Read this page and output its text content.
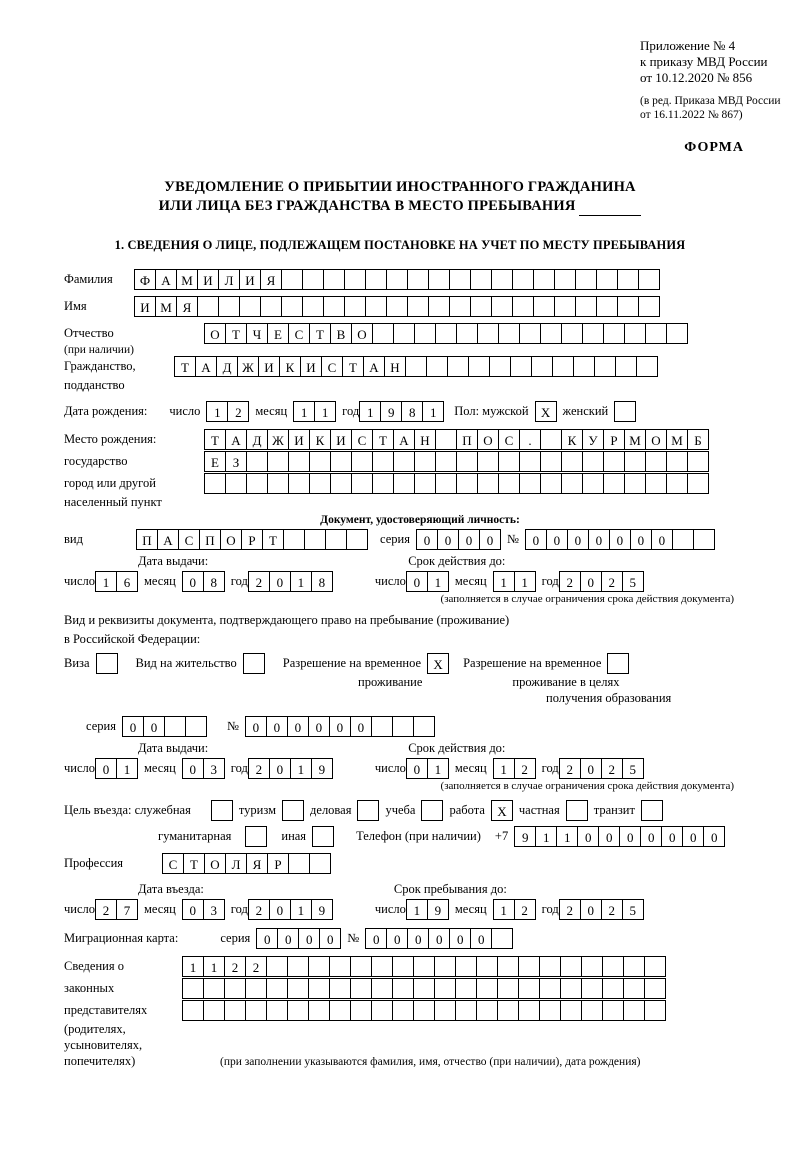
Приложение № 4
к приказу МВД России
от 10.12.2020 № 856
(в ред. Приказа МВД России
от 16.11.2022 № 867)
ФОРМА
УВЕДОМЛЕНИЕ О ПРИБЫТИИ ИНОСТРАННОГО ГРАЖДАНИНА
ИЛИ ЛИЦА БЕЗ ГРАЖДАНСТВА В МЕСТО ПРЕБЫВАНИЯ
1. СВЕДЕНИЯ О ЛИЦЕ, ПОДЛЕЖАЩЕМ ПОСТАНОВКЕ НА УЧЕТ ПО МЕСТУ ПРЕБЫВАНИЯ
Фамилия	Ф А М И Л И Я
Имя	И М Я
Отчество	О Т Ч Е С Т В О
(при наличии)
Гражданство,	Т А Д Ж И К И С Т А Н
подданство
Дата рождения: число	1	2	месяц	1	1	год 1	9	8	1	Пол: мужской X женский
Место рождения:	Т А Д Ж И К И С Т А Н	П О С	.	К У Р М О М Б
государство	Е	З
город или другой
населенный пункт
Документ, удостоверяющий личность:
вид	П А С П О Р	Т	серия	0	0	0	0	№	0	0	0	0	0	0	0
Дата выдачи:	Срок действия до:
число 1	6	месяц	0	8	год 2	0	1	8	число 0	1	месяц	1	1	год 2	0	2	5
(заполняется в случае ограничения срока действия документа)
Вид и реквизиты документа, подтверждающего право на пребывание (проживание)
в Российской Федерации:
Виза	Вид на жительство	Разрешение на временное X	Разрешение на временное
проживание	проживание в целях
получения образования
серия	0	0	№	0	0	0	0	0	0
Дата выдачи:	Срок действия до:
число 0	1	месяц	0	3	год 2	0	1	9	число 0	1	месяц	1	2	год 2	0	2	5
(заполняется в случае ограничения срока действия документа)
Цель въезда: служебная	туризм	деловая	учеба	работа X частная	транзит
гуманитарная	иная	Телефон (при наличии) +7	9	1	1	0	0	0	0	0	0	0
Профессия	С Т О Л Я	Р
Дата въезда:	Срок пребывания до:
число 2	7	месяц	0	3	год 2	0	1	9	число 1	9	месяц	1	2	год 2	0	2	5
Миграционная карта:	серия	0	0	0	0	№	0	0	0	0	0	0
Сведения о	1	1	2	2
законных
представителях
(родителях,
усыновителях,
попечителях)	(при заполнении указываются фамилия, имя, отчество (при наличии), дата рождения)
